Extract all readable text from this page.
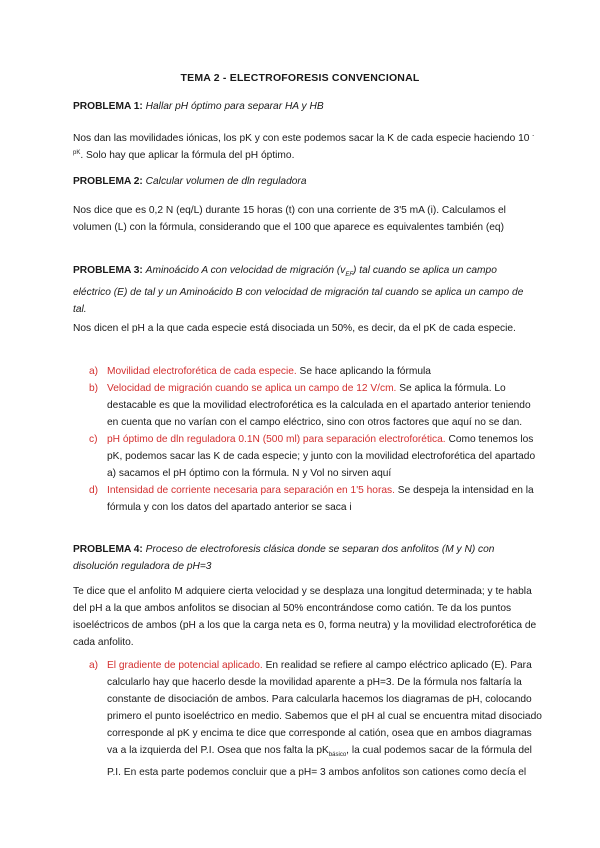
TEMA 2 - ELECTROFORESIS CONVENCIONAL
PROBLEMA 1: Hallar pH óptimo para separar HA y HB
Nos dan las movilidades iónicas, los pK y con este podemos sacar la K de cada especie haciendo 10 $^{-pK}$. Solo hay que aplicar la fórmula del pH óptimo.
PROBLEMA 2: Calcular volumen de dln reguladora
Nos dice que es 0,2 N (eq/L) durante 15 horas (t) con una corriente de 3'5 mA (i). Calculamos el volumen (L) con la fórmula, considerando que el 100 que aparece es equivalentes también (eq)
PROBLEMA 3: Aminoácido A con velocidad de migración $(v_{EF})$ tal cuando se aplica un campo eléctrico (E) de tal y un Aminoácido B con velocidad de migración tal cuando se aplica un campo de tal.
Nos dicen el pH a la que cada especie está disociada un 50%, es decir, da el pK de cada especie.
a) Movilidad electroforética de cada especie. Se hace aplicando la fórmula
b) Velocidad de migración cuando se aplica un campo de 12 V/cm. Se aplica la fórmula. Lo destacable es que la movilidad electroforética es la calculada en el apartado anterior teniendo en cuenta que no varían con el campo eléctrico, sino con otros factores que aquí no se dan.
c) pH óptimo de dln reguladora 0.1N (500 ml) para separación electroforética. Como tenemos los pK, podemos sacar las K de cada especie; y junto con la movilidad electroforética del apartado a) sacamos el pH óptimo con la fórmula. N y Vol no sirven aquí
d) Intensidad de corriente necesaria para separación en 1'5 horas. Se despeja la intensidad en la fórmula y con los datos del apartado anterior se saca i
PROBLEMA 4: Proceso de electroforesis clásica donde se separan dos anfolitos (M y N) con disolución reguladora de pH=3
Te dice que el anfolito M adquiere cierta velocidad y se desplaza una longitud determinada; y te habla del pH a la que ambos anfolitos se disocian al 50% encontrándose como catión. Te da los puntos isoeléctricos de ambos (pH a los que la carga neta es 0, forma neutra) y la movilidad electroforética de cada anfolito.
a) El gradiente de potencial aplicado. En realidad se refiere al campo eléctrico aplicado (E). Para calcularlo hay que hacerlo desde la movilidad aparente a pH=3. De la fórmula nos faltaría la constante de disociación de ambos. Para calcularla hacemos los diagramas de pH, colocando primero el punto isoeléctrico en medio. Sabemos que el pH al cual se encuentra mitad disociado corresponde al pK y encima te dice que corresponde al catión, osea que en ambos diagramas va a la izquierda del P.I. Osea que nos falta la $pK_{básico}$, la cual podemos sacar de la fórmula del P.I. En esta parte podemos concluir que a pH= 3 ambos anfolitos son cationes como decía el
